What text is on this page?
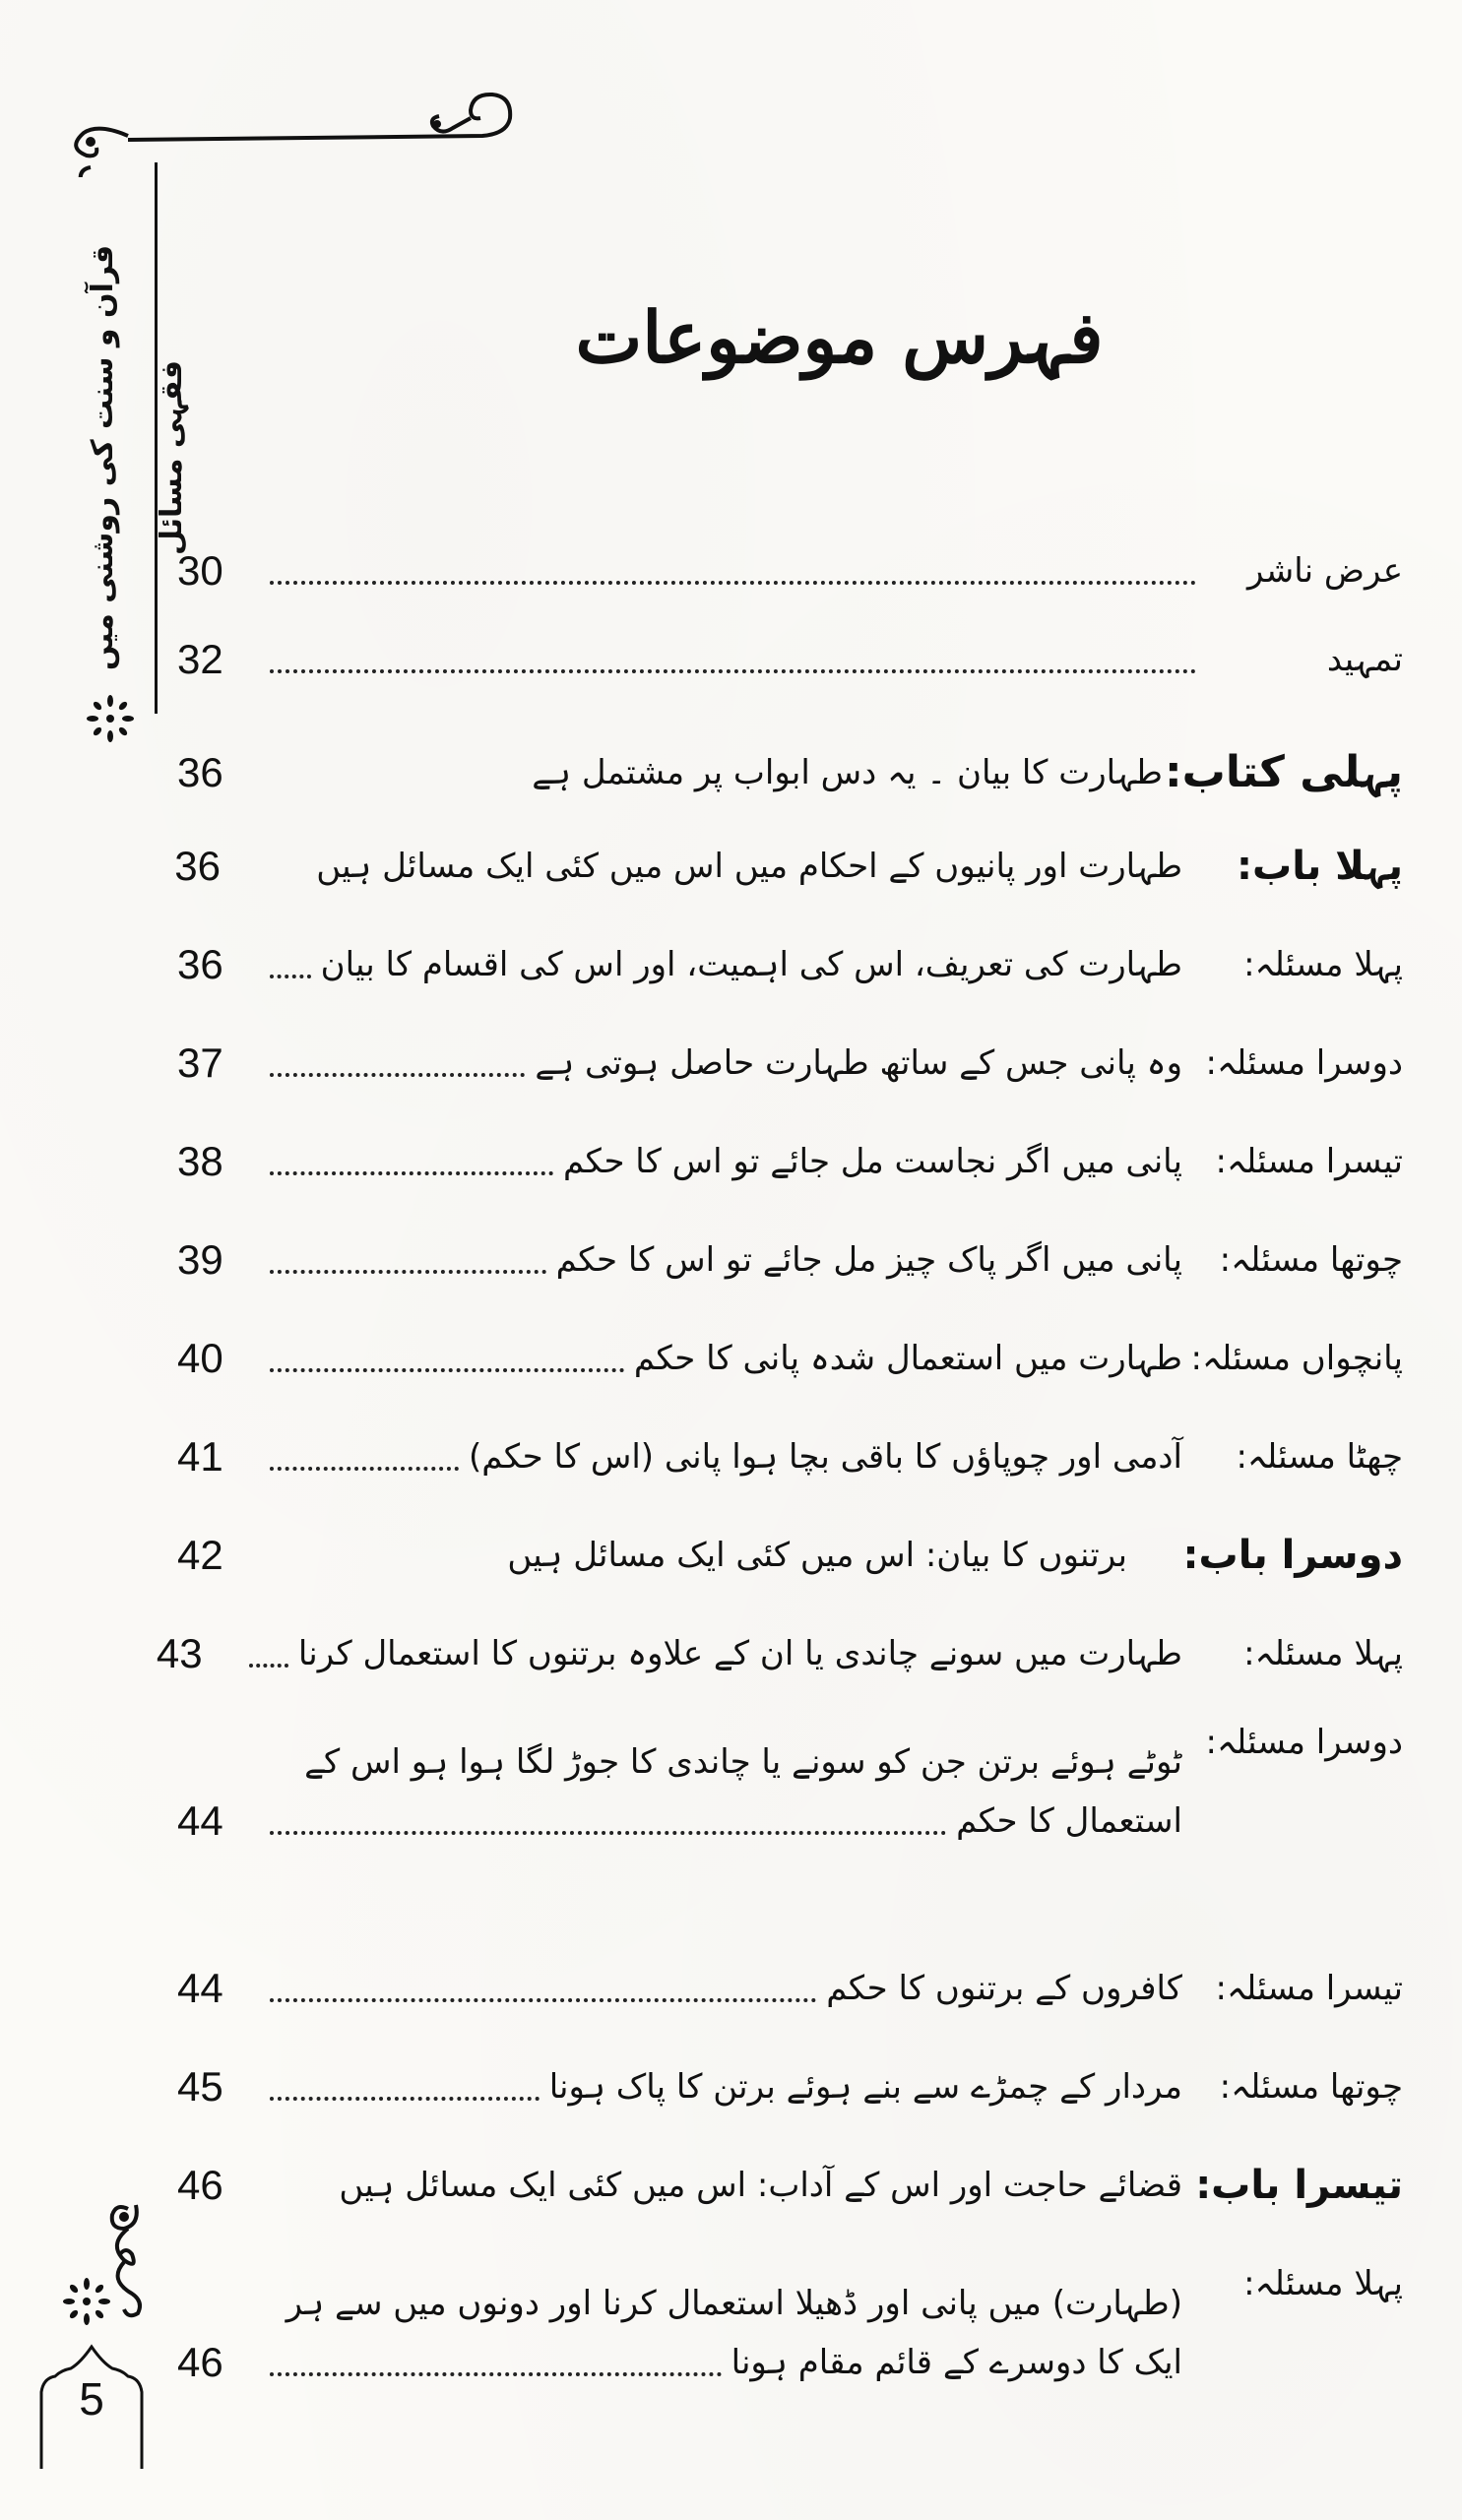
قرآن و سنت کی روشنی میں فقہی مسائل
فہرس موضوعات
عرض ناشر
30
تمہید
32
پہلی کتاب:
طہارت کا بیان ۔ یہ دس ابواب پر مشتمل ہے
36
پہلا باب:
طہارت اور پانیوں کے احکام میں اس میں کئی ایک مسائل ہیں
36
پہلا مسئلہ:
طہارت کی تعریف، اس کی اہمیت، اور اس کی اقسام کا بیان
36
دوسرا مسئلہ:
وہ پانی جس کے ساتھ طہارت حاصل ہوتی ہے
37
تیسرا مسئلہ:
پانی میں اگر نجاست مل جائے تو اس کا حکم
38
چوتھا مسئلہ:
پانی میں اگر پاک چیز مل جائے تو اس کا حکم
39
پانچواں مسئلہ:
طہارت میں استعمال شدہ پانی کا حکم
40
چھٹا مسئلہ:
آدمی اور چوپاؤں کا باقی بچا ہوا پانی (اس کا حکم)
41
دوسرا باب:
برتنوں کا بیان: اس میں کئی ایک مسائل ہیں
42
پہلا مسئلہ:
طہارت میں سونے چاندی یا ان کے علاوہ برتنوں کا استعمال کرنا
43
دوسرا مسئلہ:
ٹوٹے ہوئے برتن جن کو سونے یا چاندی کا جوڑ لگا ہوا ہو اس کے
استعمال کا حکم
44
تیسرا مسئلہ:
کافروں کے برتنوں کا حکم
44
چوتھا مسئلہ:
مردار کے چمڑے سے بنے ہوئے برتن کا پاک ہونا
45
تیسرا باب:
قضائے حاجت اور اس کے آداب: اس میں کئی ایک مسائل ہیں
46
پہلا مسئلہ:
(طہارت) میں پانی اور ڈھیلا استعمال کرنا اور دونوں میں سے ہر
ایک کا دوسرے کے قائم مقام ہونا
46
5
